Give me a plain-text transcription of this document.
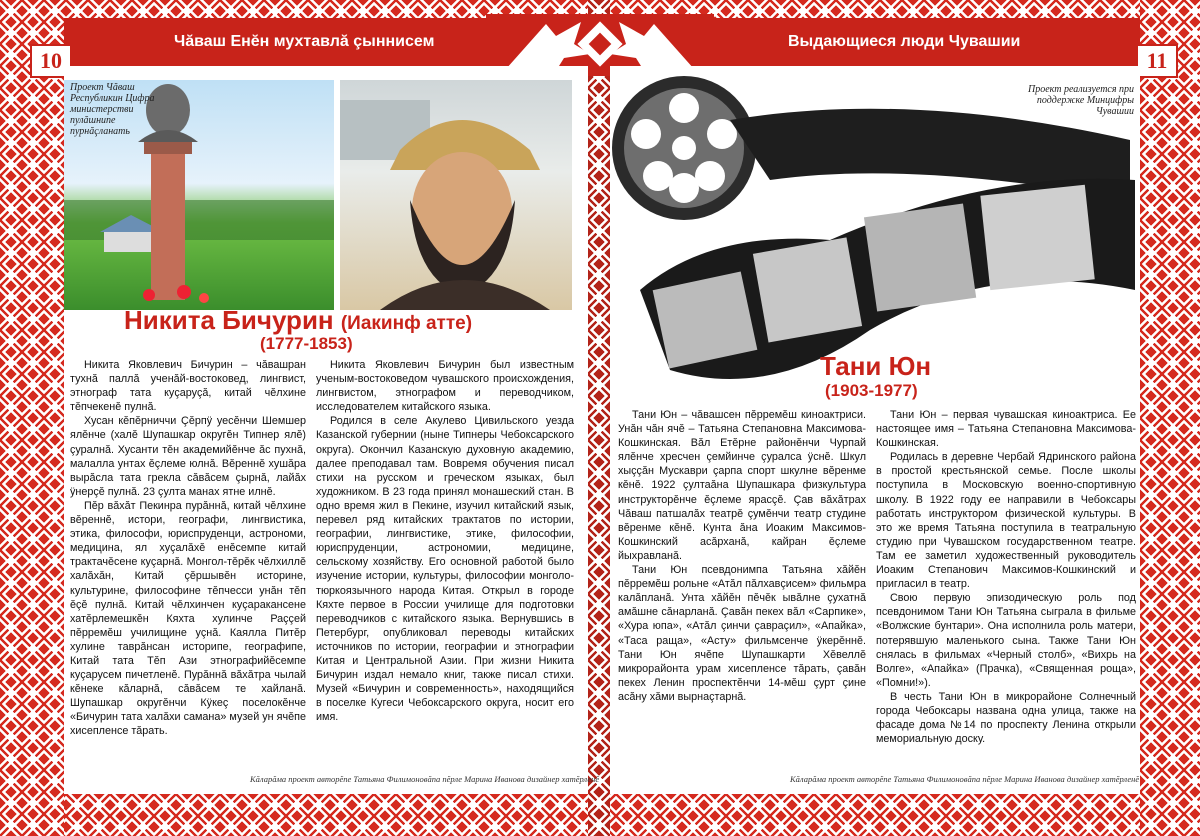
Чăваш Енĕн мухтавлă çыннисем	Выдающиеся люди Чувашии
10	11
Проект Чăваш Республикин Цифра министерстви пулăшнипе пурнăçланать
Никита Бичурин (Иакинф атте)
(1777-1853)

Никита Яковлевич Бичурин – чăвашран тухнă паллă ученăй-востоковед, лингвист, этнограф тата куçаруçă, китай чĕлхине тĕпчекенĕ пулнă.

Хусан кĕпĕрниччи Çĕрпÿ уесĕнчи Шемшер ялĕнче (халĕ Шупашкар округĕн Типнер ялĕ) çуралнă. Хусанти тĕн академийĕнче ăс пухнă, малалла унтах ĕçлеме юлнă. Вĕреннĕ хушăра вырăсла тата грекла сăвăсем çырнă, лайăх ÿнерçĕ пулнă. 23 çулта манах ятне илнĕ.

Пĕр вăхăт Пекинра пурăннă, китай чĕлхине вĕреннĕ, истори, географи, лингвистика, этика, философи, юриспруденци, астрономи, медицина, ял хуçалăхĕ енĕсемпе китай трактачĕсене куçарнă. Монгол-тĕрĕк чĕлхиллĕ халăхăн, Китай çĕршывĕн историне, культурине, философине тĕпчесси унăн тĕп ĕçĕ пулнă. Китай чĕлхинчен куçаракансене хатĕрлемешкĕн Кяхта хулинче Раççей пĕрремĕш училищине уçнă. Каялла Питĕр хулине таврăнсан историпе, географипе, Китай тата Тĕп Ази этнографийĕсемпе куçарусем пичетленĕ. Пурăннă вăхăтра чылай кĕнеке кăларнă, сăвăсем те хайланă. Шупашкар округĕнчи Кÿкеç поселокĕнче «Бичурин тата халăхи самана» музей ун ячĕпе хисепленсе тăрать.

Никита Яковлевич Бичурин был известным ученым-востоковедом чувашского происхождения, лингвистом, этнографом и переводчиком, исследователем китайского языка.

Родился в селе Акулево Цивильского уезда Казанской губернии (ныне Типнеры Чебоксарского округа). Окончил Казанскую духовную академию, далее преподавал там. Вовремя обучения писал стихи на русском и греческом языках, был художником. В 23 года принял монашеский стан. В одно время жил в Пекине, изучил китайский язык, перевел ряд китайских трактатов по истории, географии, лингвистике, этике, философии, юриспруденции, астрономии, медицине, сельскому хозяйству. Его основной работой было изучение истории, культуры, философии монголо-тюркоязычного народа Китая. Открыл в городе Кяхте первое в России училище для подготовки переводчиков с китайского языка. Вернувшись в Петербург, опубликовал переводы китайских источников по истории, географии и этнографии Китая и Центральной Азии. При жизни Никита Бичурин издал немало книг, также писал стихи. Музей «Бичурин и современность», находящийся в поселке Кугеси Чебоксарского округа, носит его имя.

Кăларăма проект авторĕпе Татьяна Филимоновăпа пĕрле Марина Иванова дизайнер хатĕрленĕ
Проект реализуется при поддержке Минцифры Чувашии
Тани Юн
(1903-1977)

Тани Юн – чăвашсен пĕрремĕш киноактриси. Унăн чăн ячĕ – Татьяна Степановна Максимова-Кошкинская. Вăл Етĕрне районĕнчи Чурпай ялĕнче хресчен çемйинче çуралса ÿснĕ. Шкул хыççăн Мускаври çарпа спорт шкулне вĕренме кĕнĕ. 1922 çултаăна Шупашкара физкультура инструкторĕнче ĕçлеме ярасçĕ. Çав вăхăтрах Чăваш патшалăх театрĕ çумĕнчи театр студине вĕренме кĕнĕ. Кунта ăна Иоаким Максимов-Кошкинский асăрханă, кайран ĕçлеме йыхравланă.

Тани Юн псевдонимпа Татьяна хăйĕн пĕрремĕш рольне «Атăл пăлхавçисем» фильмра калăпланă. Унта хăйĕн пĕчĕк ывăлне çухатнă амăшне сăнарланă. Çавăн пекех вăл «Сарпике», «Хура юпа», «Атăл çинчи çавраçил», «Апайка», «Таса раща», «Асту» фильмсенче ÿкерĕннĕ. Тани Юн ячĕпе Шупашкарти Хĕвеллĕ микрорайонта урам хисепленсе тăрать, çавăн пекех Ленин проспектĕнчи 14-мĕш çурт çине асăну хăми вырнаçтарнă.

Тани Юн – первая чувашская киноактриса. Ее настоящее имя – Татьяна Степановна Максимова-Кошкинская.

Родилась в деревне Чербай Ядринского района в простой крестьянской семье. После школы поступила в Московскую военно-спортивную школу. В 1922 году ее направили в Чебоксары работать инструктором физической культуры. В это же время Татьяна поступила в театральную студию при Чувашском государственном театре. Там ее заметил художественный руководитель Иоаким Степанович Максимов-Кошкинский и пригласил в театр.

Свою первую эпизодическую роль под псевдонимом Тани Юн Татьяна сыграла в фильме «Волжские бунтари». Она исполнила роль матери, потерявшую маленького сына. Также Тани Юн снялась в фильмах «Черный столб», «Вихрь на Волге», «Апайка» (Прачка), «Священная роща», «Помни!»).

В честь Тани Юн в микрорайоне Солнечный города Чебоксары названа одна улица, также на фасаде дома №14 по проспекту Ленина открыли мемориальную доску.

Кăларăма проект авторĕпе Татьяна Филимоновăпа пĕрле Марина Иванова дизайнер хатĕрленĕ
